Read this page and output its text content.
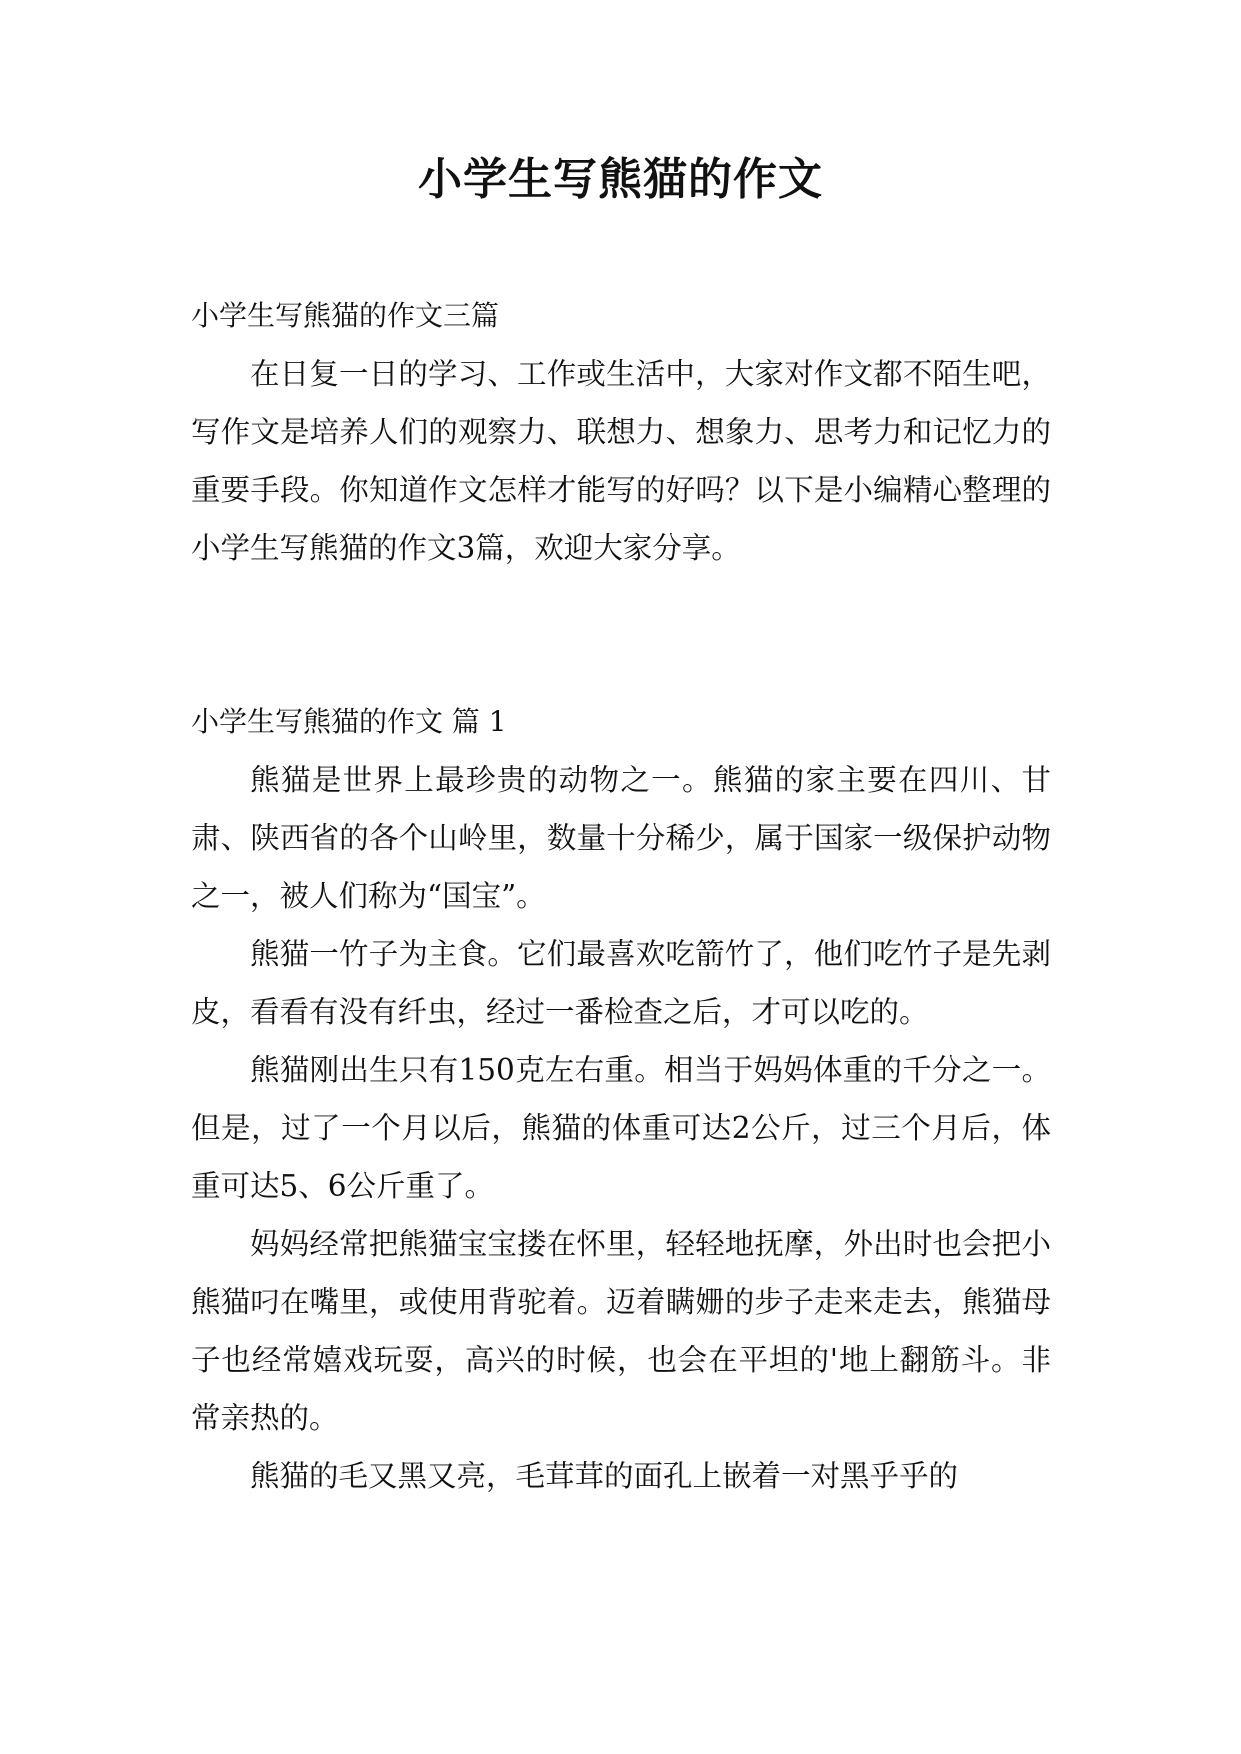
小学生写熊猫的作文
小学生写熊猫的作文三篇

在日复一日的学习、工作或生活中，大家对作文都不陌生吧，写作文是培养人们的观察力、联想力、想象力、思考力和记忆力的重要手段。你知道作文怎样才能写的好吗？以下是小编精心整理的小学生写熊猫的作文3篇，欢迎大家分享。

小学生写熊猫的作文 篇 1

熊猫是世界上最珍贵的动物之一。熊猫的家主要在四川、甘肃、陕西省的各个山岭里，数量十分稀少，属于国家一级保护动物之一，被人们称为“国宝”。

熊猫一竹子为主食。它们最喜欢吃箭竹了，他们吃竹子是先剥皮，看看有没有纤虫，经过一番检查之后，才可以吃的。

熊猫刚出生只有150克左右重。相当于妈妈体重的千分之一。但是，过了一个月以后，熊猫的体重可达2公斤，过三个月后，体重可达5、6公斤重了。

妈妈经常把熊猫宝宝搂在怀里，轻轻地抚摩，外出时也会把小熊猫叼在嘴里，或使用背驼着。迈着瞒姗的步子走来走去，熊猫母子也经常嬉戏玩耍，高兴的时候，也会在平坦的'地上翻筋斗。非常亲热的。

熊猫的毛又黑又亮，毛茸茸的面孔上嵌着一对黑乎乎的
